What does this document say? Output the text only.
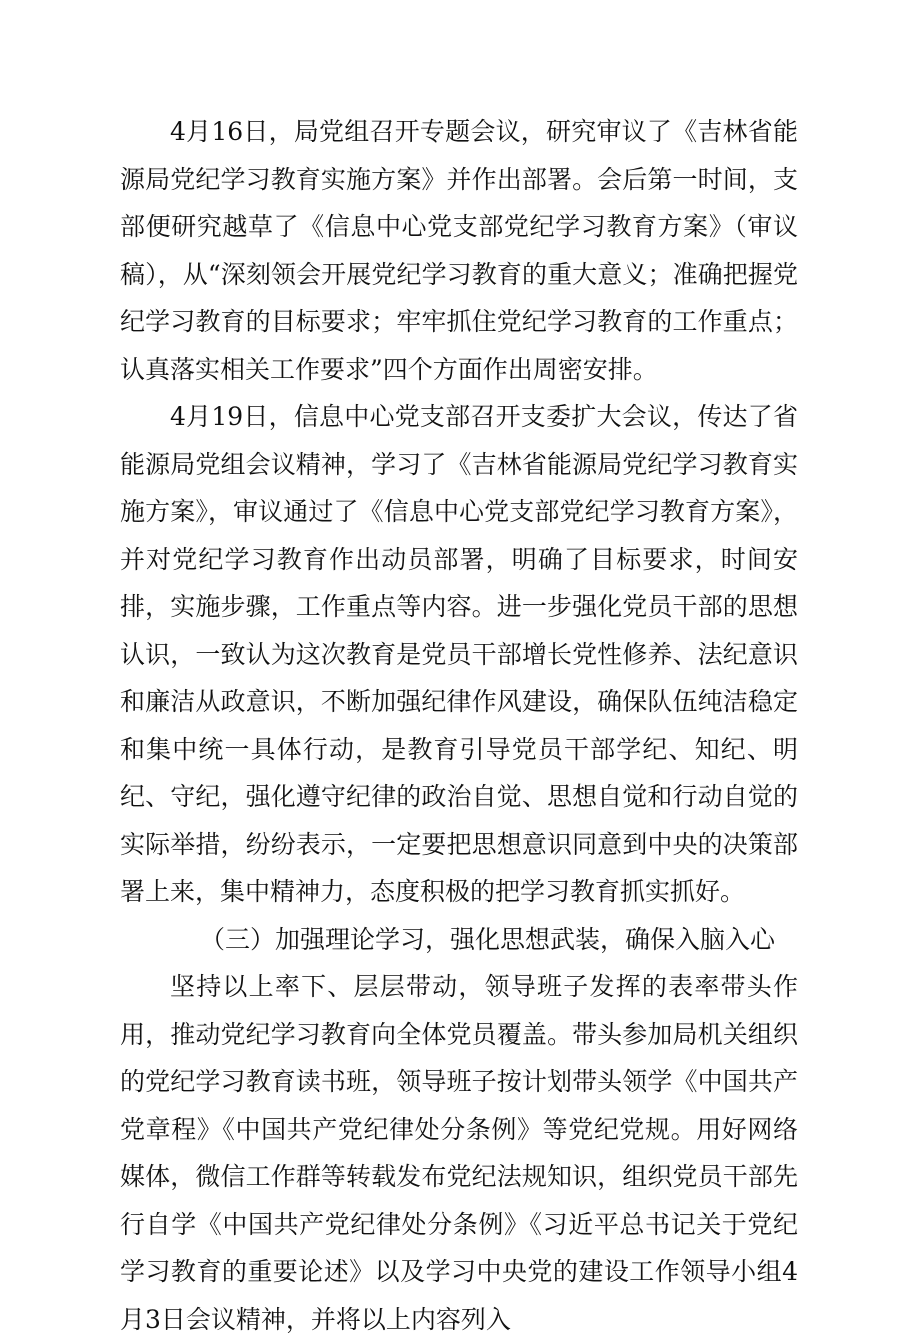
4月16日，局党组召开专题会议，研究审议了《吉林省能源局党纪学习教育实施方案》并作出部署。会后第一时间，支部便研究越草了《信息中心党支部党纪学习教育方案》（审议稿），从“深刻领会开展党纪学习教育的重大意义；准确把握党纪学习教育的目标要求；牢牢抓住党纪学习教育的工作重点；认真落实相关工作要求”四个方面作出周密安排。

4月19日，信息中心党支部召开支委扩大会议，传达了省能源局党组会议精神，学习了《吉林省能源局党纪学习教育实施方案》，审议通过了《信息中心党支部党纪学习教育方案》，并对党纪学习教育作出动员部署，明确了目标要求，时间安排，实施步骤，工作重点等内容。进一步强化党员干部的思想认识，一致认为这次教育是党员干部增长党性修养、法纪意识和廉洁从政意识，不断加强纪律作风建设，确保队伍纯洁稳定和集中统一具体行动，是教育引导党员干部学纪、知纪、明纪、守纪，强化遵守纪律的政治自觉、思想自觉和行动自觉的实际举措，纷纷表示，一定要把思想意识同意到中央的决策部署上来，集中精神力，态度积极的把学习教育抓实抓好。

（三）加强理论学习，强化思想武装，确保入脑入心

坚持以上率下、层层带动，领导班子发挥的表率带头作用，推动党纪学习教育向全体党员覆盖。带头参加局机关组织的党纪学习教育读书班，领导班子按计划带头领学《中国共产党章程》《中国共产党纪律处分条例》等党纪党规。用好网络媒体，微信工作群等转载发布党纪法规知识，组织党员干部先行自学《中国共产党纪律处分条例》《习近平总书记关于党纪学习教育的重要论述》以及学习中央党的建设工作领导小组4月3日会议精神，并将以上内容列入
